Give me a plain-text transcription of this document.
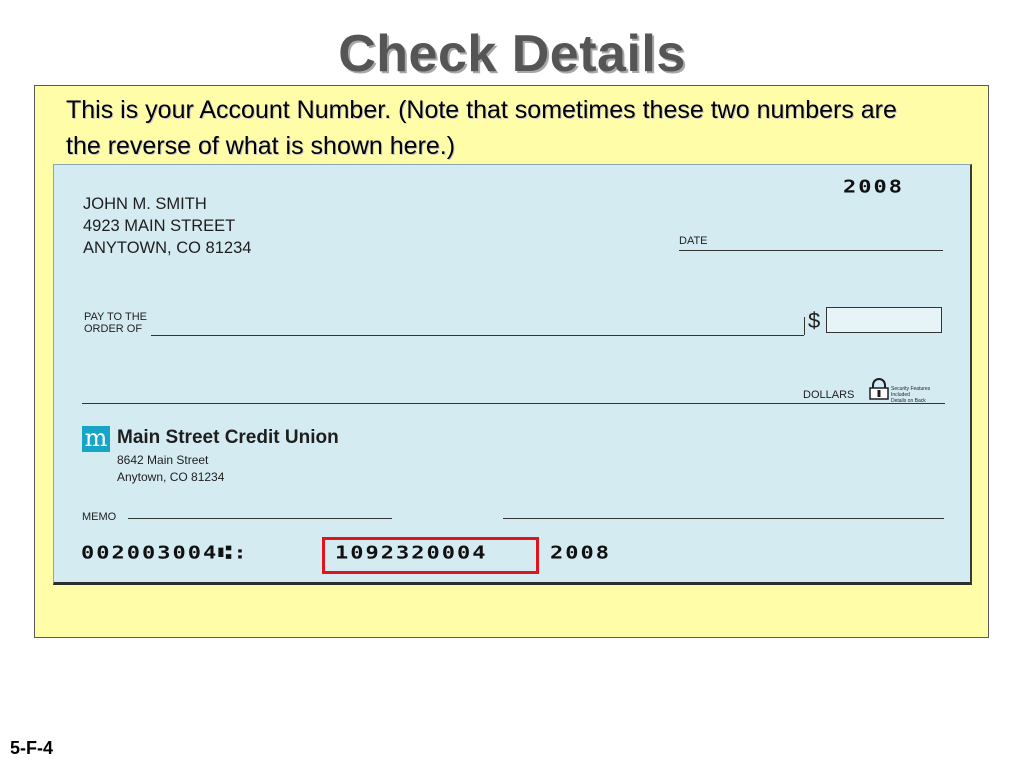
Check Details
This is your Account Number. (Note that sometimes these two numbers are the reverse of what is shown here.)
JOHN M. SMITH
4923 MAIN STREET
ANYTOWN, CO 81234
2008
DATE
PAY TO THE
ORDER OF	$
DOLLARS	Security Features
Included
Details on Back
m Main Street Credit Union
8642 Main Street
Anytown, CO 81234
MEMO
002003004⑆:	1092320004	2008
5-F-4
